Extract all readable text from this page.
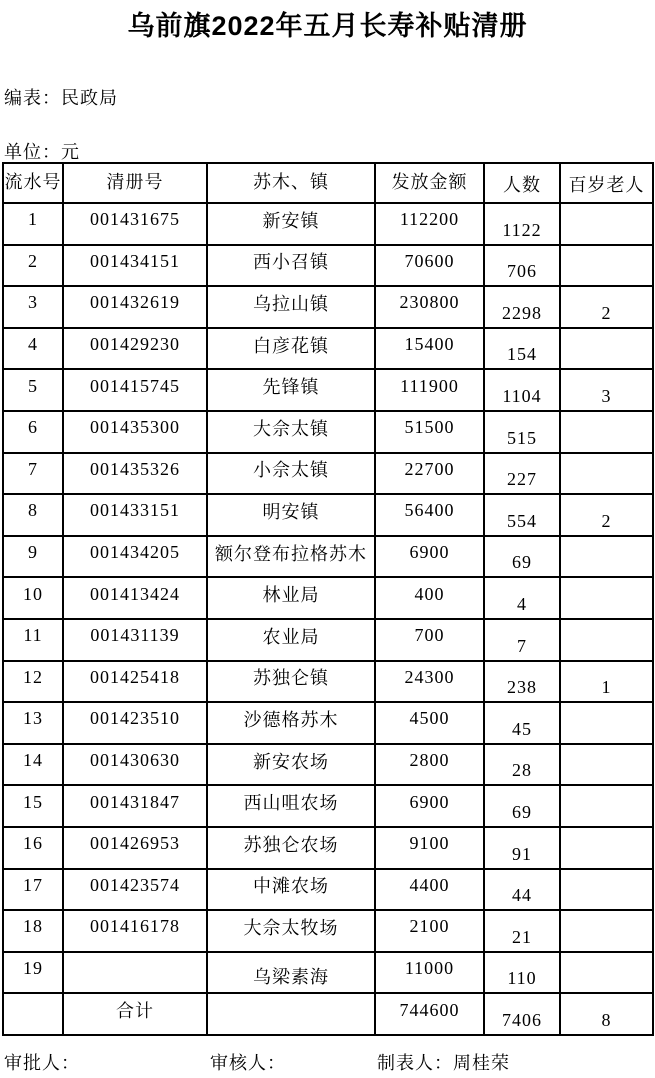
乌前旗2022年五月长寿补贴清册
编表：民政局
单位：元
流水号	清册号	苏木、镇	发放金额	人数	百岁老人
1	001431675	新安镇	112200	1122	
2	001434151	西小召镇	70600	706	
3	001432619	乌拉山镇	230800	2298	2
4	001429230	白彦花镇	15400	154	
5	001415745	先锋镇	111900	1104	3
6	001435300	大佘太镇	51500	515	
7	001435326	小佘太镇	22700	227	
8	001433151	明安镇	56400	554	2
9	001434205	额尔登布拉格苏木	6900	69	
10	001413424	林业局	400	4	
11	001431139	农业局	700	7	
12	001425418	苏独仑镇	24300	238	1
13	001423510	沙德格苏木	4500	45	
14	001430630	新安农场	2800	28	
15	001431847	西山咀农场	6900	69	
16	001426953	苏独仑农场	9100	91	
17	001423574	中滩农场	4400	44	
18	001416178	大佘太牧场	2100	21	
19		乌梁素海	11000	110	
	合计		744600	7406	8
审批人：	审核人：	制表人：周桂荣
